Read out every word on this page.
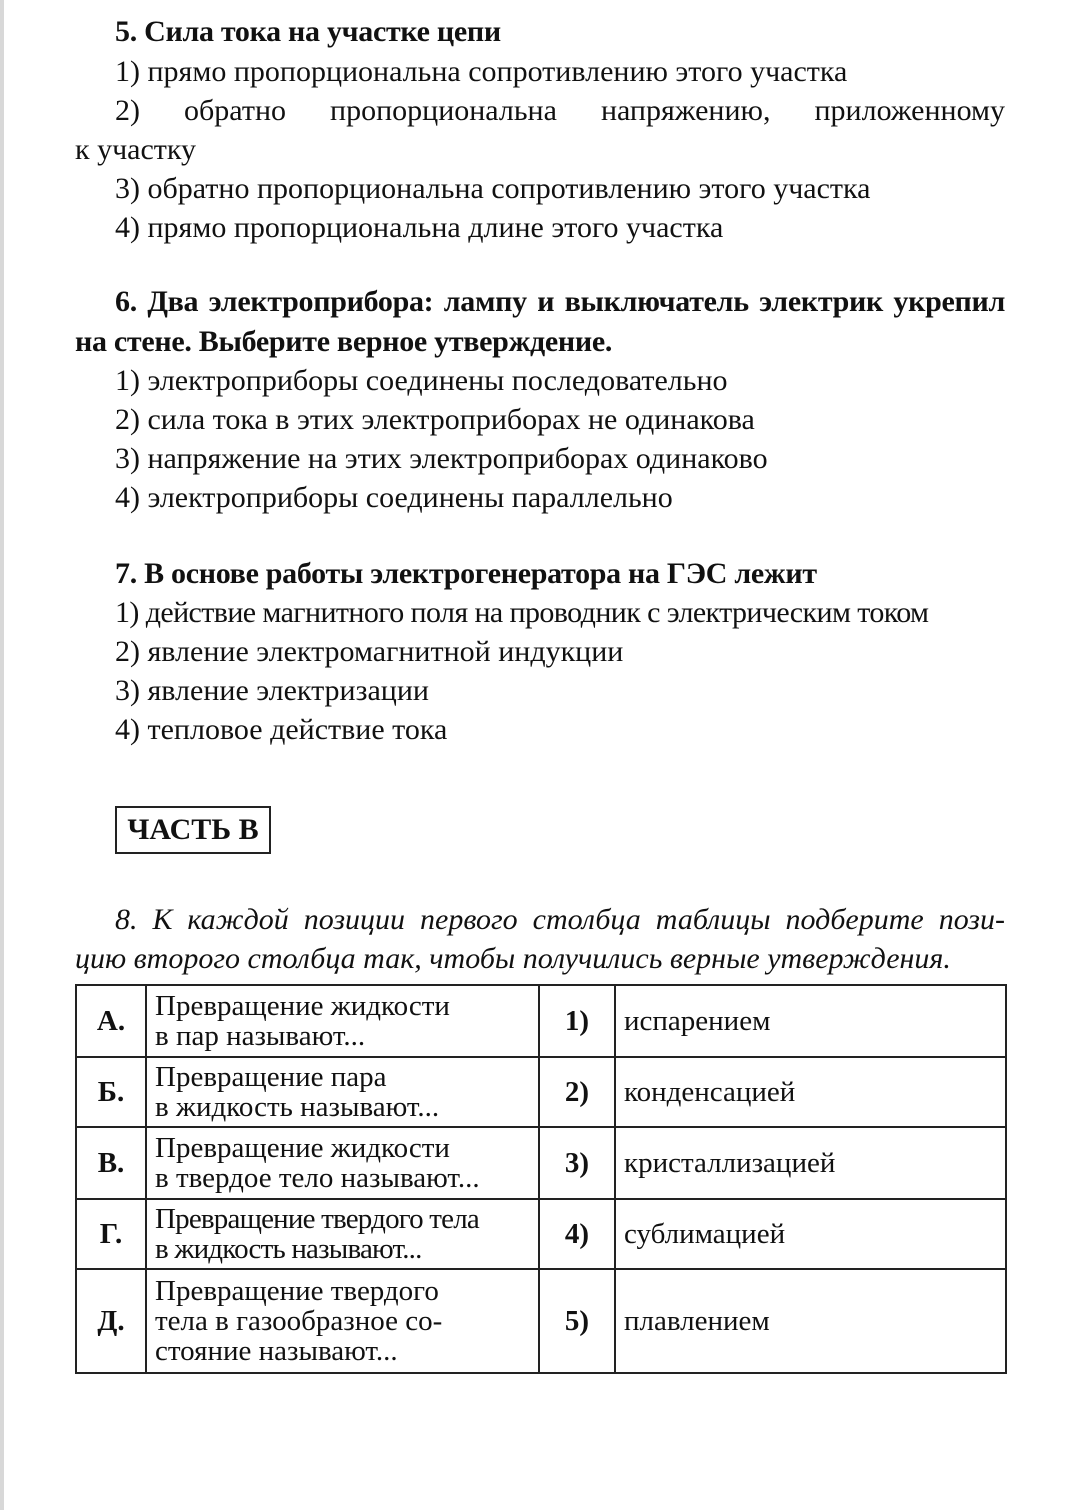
5. Сила тока на участке цепи
1) прямо пропорциональна сопротивлению этого участка
2) обратно пропорциональна напряжению, приложенному
к участку
3) обратно пропорциональна сопротивлению этого участка
4) прямо пропорциональна длине этого участка
6. Два электроприбора: лампу и выключатель электрик укрепил
на стене. Выберите верное утверждение.
1) электроприборы соединены последовательно
2) сила тока в этих электроприборах не одинакова
3) напряжение на этих электроприборах одинаково
4) электроприборы соединены параллельно
7. В основе работы электрогенератора на ГЭС лежит
1) действие магнитного поля на проводник с электрическим током
2) явление электромагнитной индукции
3) явление электризации
4) тепловое действие тока
ЧАСТЬ В
8. К каждой позиции первого столбца таблицы подберите пози-
цию второго столбца так, чтобы получились верные утверждения.
А.	Превращение жидкости
в пар называют...	1)	испарением
Б.	Превращение пара
в жидкость называют...	2)	конденсацией
В.	Превращение жидкости
в твердое тело называют...	3)	кристаллизацией
Г.	Превращение твердого тела
в жидкость называют...	4)	сублимацией
Д.	Превращение твердого
тела в газообразное со-
стояние называют...	5)	плавлением
